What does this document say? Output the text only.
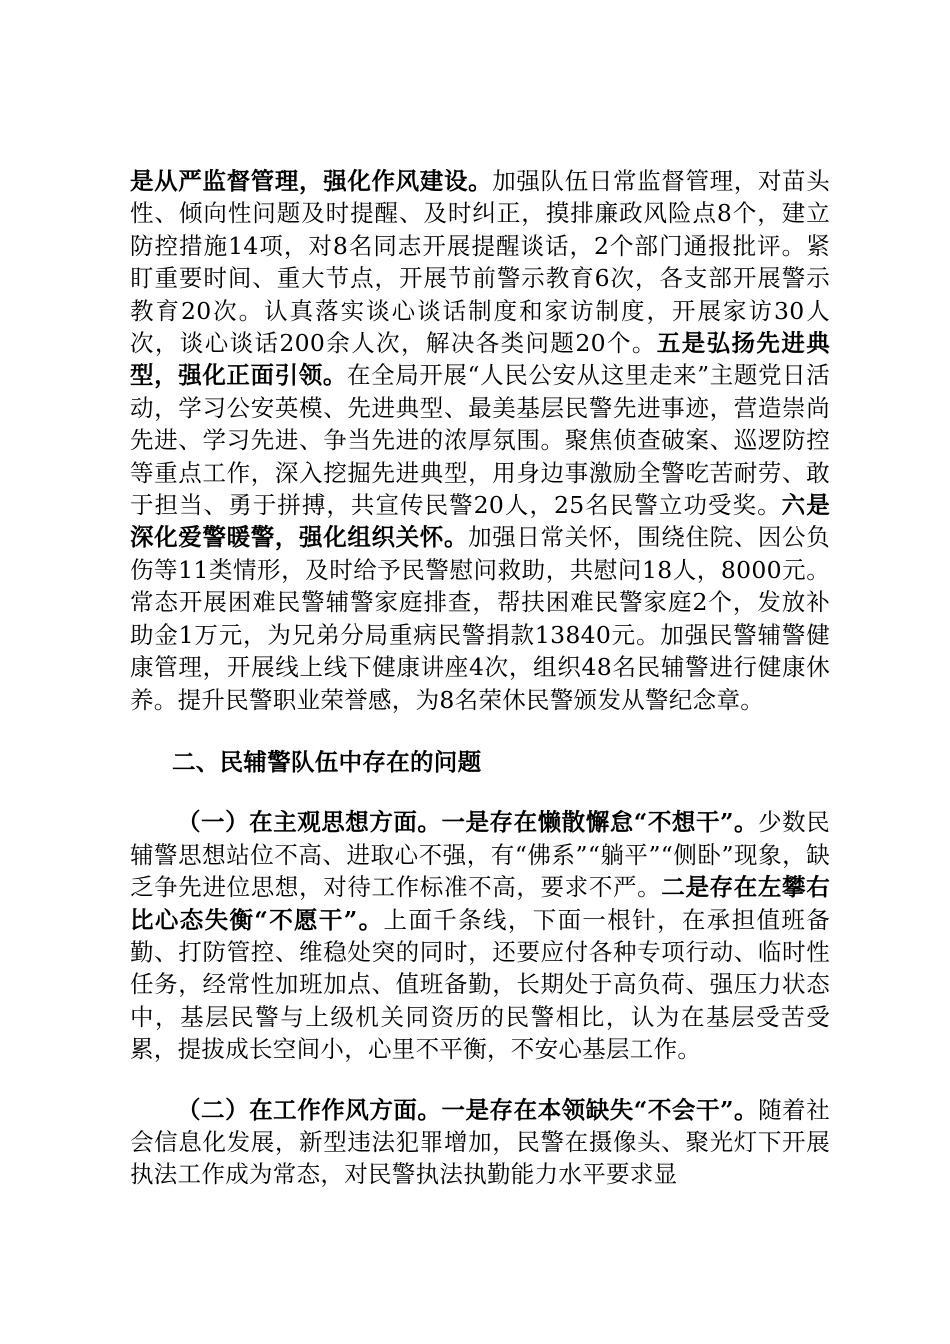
是从严监督管理，强化作风建设。加强队伍日常监督管理，对苗头性、倾向性问题及时提醒、及时纠正，摸排廉政风险点8个，建立防控措施14项，对8名同志开展提醒谈话，2个部门通报批评。紧盯重要时间、重大节点，开展节前警示教育6次，各支部开展警示教育20次。认真落实谈心谈话制度和家访制度，开展家访30人次，谈心谈话200余人次，解决各类问题20个。五是弘扬先进典型，强化正面引领。在全局开展“人民公安从这里走来”主题党日活动，学习公安英模、先进典型、最美基层民警先进事迹，营造崇尚先进、学习先进、争当先进的浓厚氛围。聚焦侦查破案、巡逻防控等重点工作，深入挖掘先进典型，用身边事激励全警吃苦耐劳、敢于担当、勇于拼搏，共宣传民警20人，25名民警立功受奖。六是深化爱警暖警，强化组织关怀。加强日常关怀，围绕住院、因公负伤等11类情形，及时给予民警慰问救助，共慰问18人，8000元。常态开展困难民警辅警家庭排查，帮扶困难民警家庭2个，发放补助金1万元，为兄弟分局重病民警捐款13840元。加强民警辅警健康管理，开展线上线下健康讲座4次，组织48名民辅警进行健康休养。提升民警职业荣誉感，为8名荣休民警颁发从警纪念章。

二、民辅警队伍中存在的问题

（一）在主观思想方面。一是存在懒散懈怠“不想干”。少数民辅警思想站位不高、进取心不强，有“佛系”“躺平”“侧卧”现象，缺乏争先进位思想，对待工作标准不高，要求不严。二是存在左攀右比心态失衡“不愿干”。上面千条线，下面一根针，在承担值班备勤、打防管控、维稳处突的同时，还要应付各种专项行动、临时性任务，经常性加班加点、值班备勤，长期处于高负荷、强压力状态中，基层民警与上级机关同资历的民警相比，认为在基层受苦受累，提拔成长空间小，心里不平衡，不安心基层工作。

（二）在工作作风方面。一是存在本领缺失“不会干”。随着社会信息化发展，新型违法犯罪增加，民警在摄像头、聚光灯下开展执法工作成为常态，对民警执法执勤能力水平要求显
